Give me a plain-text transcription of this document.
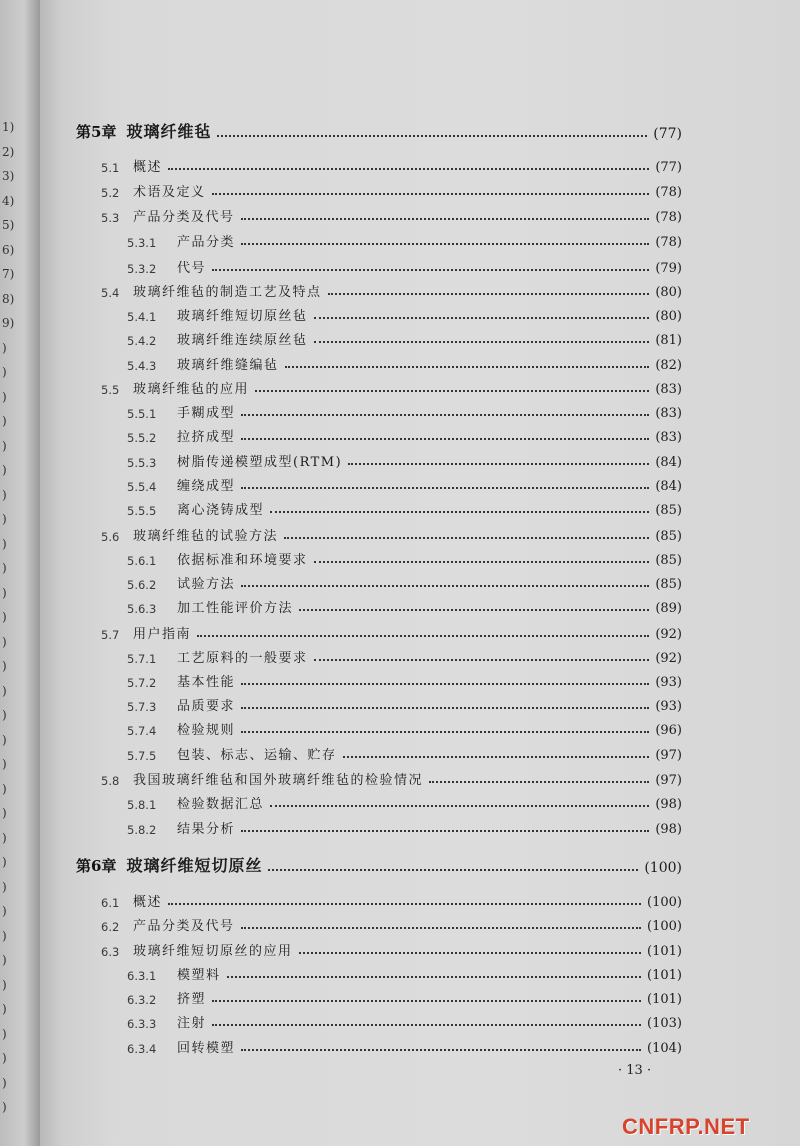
1)
2)
3)
4)
5)
6)
7)
8)
9)
)
)
)
)
)
)
)
)
)
)
)
)
)
)
)
)
)
)
)
)
)
)
)
)
)
)
)
)
)
)
)
)
第5章 玻璃纤维毡	(77)
5.1	概述	(77)
5.2	术语及定义	(78)
5.3	产品分类及代号	(78)
5.3.1	产品分类	(78)
5.3.2	代号	(79)
5.4	玻璃纤维毡的制造工艺及特点	(80)
5.4.1	玻璃纤维短切原丝毡	(80)
5.4.2	玻璃纤维连续原丝毡	(81)
5.4.3	玻璃纤维缝编毡	(82)
5.5	玻璃纤维毡的应用	(83)
5.5.1	手糊成型	(83)
5.5.2	拉挤成型	(83)
5.5.3	树脂传递模塑成型(RTM)	(84)
5.5.4	缠绕成型	(84)
5.5.5	离心浇铸成型	(85)
5.6	玻璃纤维毡的试验方法	(85)
5.6.1	依据标准和环境要求	(85)
5.6.2	试验方法	(85)
5.6.3	加工性能评价方法	(89)
5.7	用户指南	(92)
5.7.1	工艺原料的一般要求	(92)
5.7.2	基本性能	(93)
5.7.3	品质要求	(93)
5.7.4	检验规则	(96)
5.7.5	包装、标志、运输、贮存	(97)
5.8	我国玻璃纤维毡和国外玻璃纤维毡的检验情况	(97)
5.8.1	检验数据汇总	(98)
5.8.2	结果分析	(98)
第6章 玻璃纤维短切原丝	(100)
6.1	概述	(100)
6.2	产品分类及代号	(100)
6.3	玻璃纤维短切原丝的应用	(101)
6.3.1	模塑料	(101)
6.3.2	挤塑	(101)
6.3.3	注射	(103)
6.3.4	回转模塑	(104)
· 13 ·
CNFRP.NET
